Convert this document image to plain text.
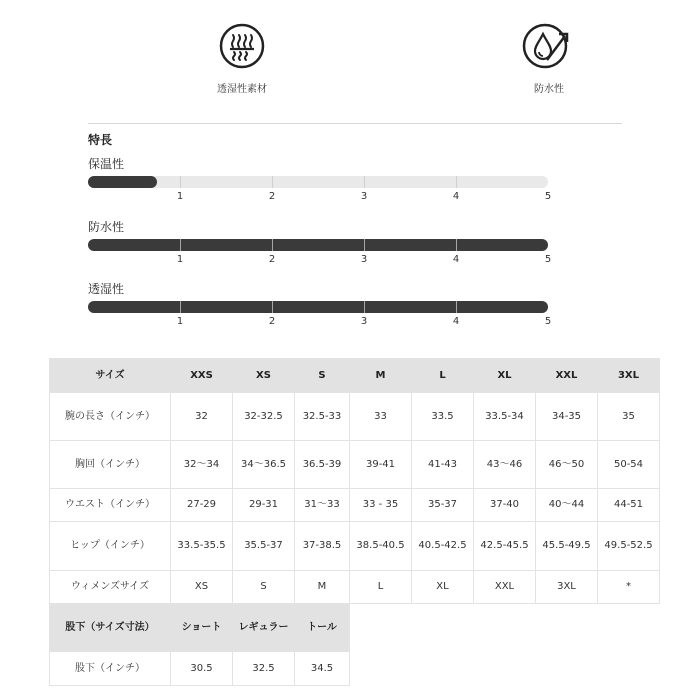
透湿性素材	防水性
特長
保温性
1	2	3	4	5
防水性
1	2	3	4	5
透湿性
1	2	3	4	5
サイズ	XXS	XS	S	M	L	XL	XXL	3XL
腕の長さ（インチ）	32	32-32.5	32.5-33	33	33.5	33.5-34	34-35	35
胸回（インチ）	32～34	34～36.5	36.5-39	39-41	41-43	43～46	46～50	50-54
ウエスト（インチ）	27-29	29-31	31～33	33 - 35	35-37	37-40	40～44	44-51
ヒップ（インチ）	33.5-35.5	35.5-37	37-38.5	38.5-40.5	40.5-42.5	42.5-45.5	45.5-49.5	49.5-52.5
ウィメンズサイズ	XS	S	M	L	XL	XXL	3XL	*
股下（サイズ寸法）	ショート	レギュラー	トール					
股下（インチ）	30.5	32.5	34.5					
